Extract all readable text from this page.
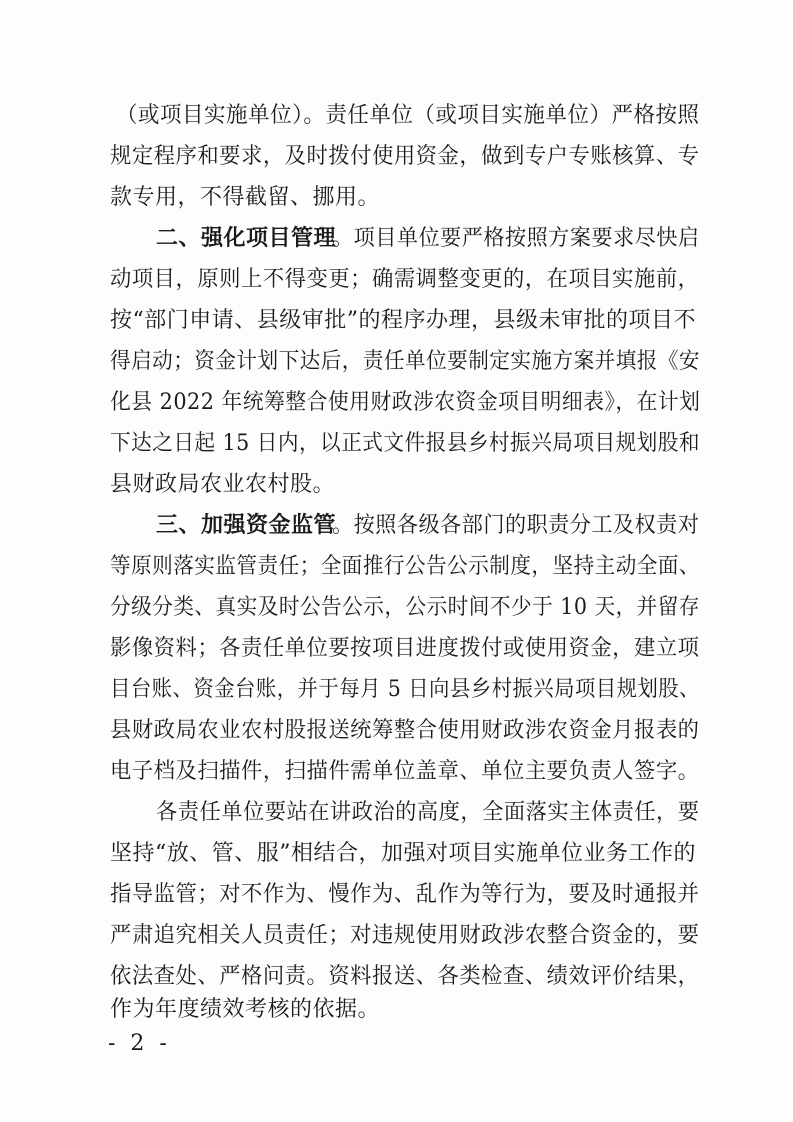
（或项目实施单位）。责任单位（或项目实施单位）严格按照
规定程序和要求，及时拨付使用资金，做到专户专账核算、专
款专用，不得截留、挪用。
二、强化项目管理
。项目单位要严格按照方案要求尽快启
动项目，原则上不得变更；确需调整变更的，在项目实施前，
按“部门申请、县级审批”的程序办理，县级未审批的项目不
得启动；资金计划下达后，责任单位要制定实施方案并填报《安
化县 2022 年统筹整合使用财政涉农资金项目明细表》，在计划
下达之日起 15 日内，以正式文件报县乡村振兴局项目规划股和
县财政局农业农村股。
三、加强资金监管
。按照各级各部门的职责分工及权责对
等原则落实监管责任；全面推行公告公示制度，坚持主动全面、
分级分类、真实及时公告公示，公示时间不少于 10 天，并留存
影像资料；各责任单位要按项目进度拨付或使用资金，建立项
目台账、资金台账，并于每月 5 日向县乡村振兴局项目规划股、
县财政局农业农村股报送统筹整合使用财政涉农资金月报表的
电子档及扫描件，扫描件需单位盖章、单位主要负责人签字。
各责任单位要站在讲政治的高度，全面落实主体责任，要
坚持“放、管、服”相结合，加强对项目实施单位业务工作的
指导监管；对不作为、慢作为、乱作为等行为，要及时通报并
严肃追究相关人员责任；对违规使用财政涉农整合资金的，要
依法查处、严格问责。资料报送、各类检查、绩效评价结果，
作为年度绩效考核的依据。
- 2 -
